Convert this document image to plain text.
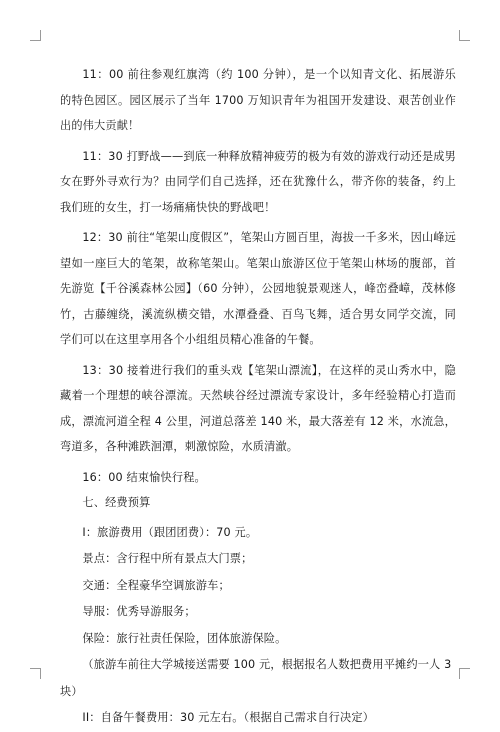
11：00 前往参观红旗湾（约 100 分钟），是一个以知青文化、拓展游乐的特色园区。园区展示了当年 1700 万知识青年为祖国开发建设、艰苦创业作出的伟大贡献！

11：30 打野战——到底一种释放精神疲劳的极为有效的游戏行动还是成男女在野外寻欢行为？由同学们自己选择，还在犹豫什么，带齐你的装备，约上我们班的女生，打一场痛痛快快的野战吧！

12：30 前往“笔架山度假区”，笔架山方圆百里，海拔一千多米，因山峰远望如一座巨大的笔架，故称笔架山。笔架山旅游区位于笔架山林场的腹部，首先游览【千谷溪森林公园】（60 分钟），公园地貌景观迷人，峰峦叠嶂，茂林修竹，古藤缠绕，溪流纵横交错，水潭叠叠、百鸟飞舞，适合男女同学交流，同学们可以在这里享用各个小组组员精心准备的午餐。

13：30 接着进行我们的重头戏【笔架山漂流】，在这样的灵山秀水中，隐藏着一个理想的峡谷漂流。天然峡谷经过漂流专家设计，多年经验精心打造而成，漂流河道全程 4 公里，河道总落差 140 米，最大落差有 12 米，水流急，弯道多，各种滩跌洄潭，刺激惊险，水质清澈。

16：00 结束愉快行程。

七、经费预算

I：旅游费用（跟团团费）：70 元。

景点：含行程中所有景点大门票；

交通：全程豪华空调旅游车；

导服：优秀导游服务；

保险：旅行社责任保险，团体旅游保险。

（旅游车前往大学城接送需要 100 元，根据报名人数把费用平摊约一人 3 块）

II：自备午餐费用：30 元左右。（根据自己需求自行决定）
